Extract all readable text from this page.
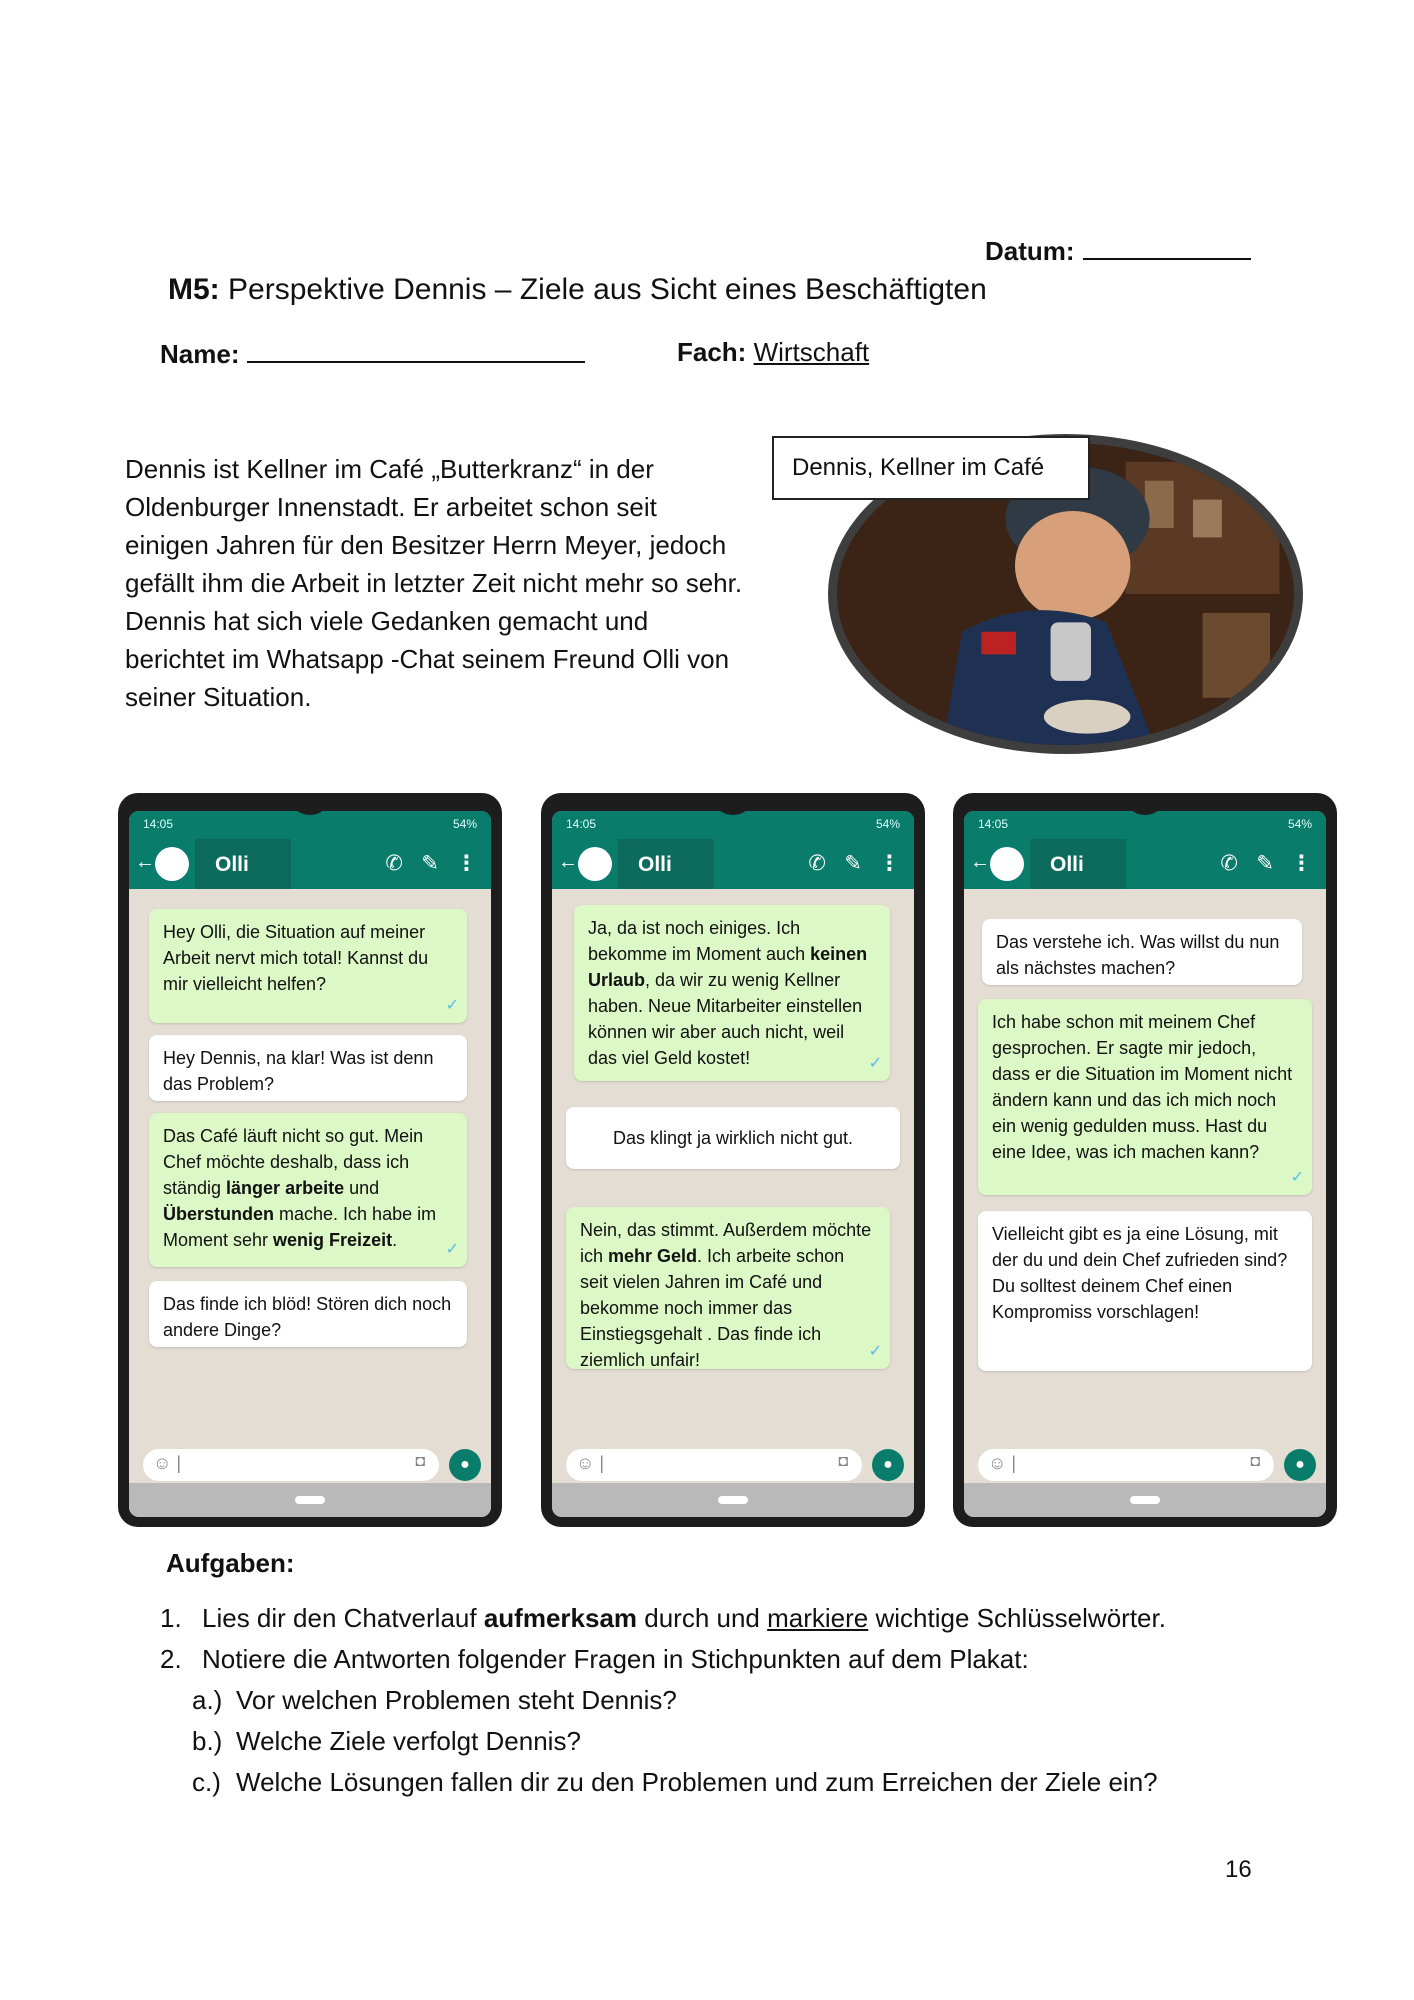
Datum:
M5: Perspektive Dennis – Ziele aus Sicht eines Beschäftigten
Name:	Fach: Wirtschaft
Dennis ist Kellner im Café „Butterkranz“ in der Oldenburger Innenstadt. Er arbeitet schon seit einigen Jahren für den Besitzer Herrn Meyer, jedoch gefällt ihm die Arbeit in letzter Zeit nicht mehr so sehr. Dennis hat sich viele Gedanken gemacht und berichtet im Whatsapp -Chat seinem Freund Olli von seiner Situation.
Dennis, Kellner im Café
14:05	54%
←	Olli	✆ ✎ ⋮
Hey Olli, die Situation auf meiner Arbeit nervt mich total! Kannst du mir vielleicht helfen?
✓
Hey Dennis, na klar! Was ist denn das Problem?
Das Café läuft nicht so gut. Mein Chef möchte deshalb, dass ich ständig länger arbeite und Überstunden mache. Ich habe im Moment sehr wenig Freizeit.	✓
Das finde ich blöd! Stören dich noch andere Dinge?
☺ |	◘	●
14:05	54%
←	Olli	✆ ✎ ⋮
Ja, da ist noch einiges. Ich bekomme im Moment auch keinen Urlaub, da wir zu wenig Kellner haben. Neue Mitarbeiter einstellen können wir aber auch nicht, weil das viel Geld kostet!	✓
Das klingt ja wirklich nicht gut.
Nein, das stimmt. Außerdem möchte ich mehr Geld. Ich arbeite schon seit vielen Jahren im Café und bekomme noch immer das Einstiegsgehalt . Das finde ich ziemlich unfair!	✓
☺ |	◘	●
14:05	54%
←	Olli	✆ ✎ ⋮
Das verstehe ich. Was willst du nun als nächstes machen?
Ich habe schon mit meinem Chef gesprochen. Er sagte mir jedoch, dass er die Situation im Moment nicht ändern kann und das ich mich noch ein wenig gedulden muss. Hast du eine Idee, was ich machen kann?
✓
Vielleicht gibt es ja eine Lösung, mit der du und dein Chef zufrieden sind? Du solltest deinem Chef einen Kompromiss vorschlagen!
☺ |	◘	●
Aufgaben:
1. Lies dir den Chatverlauf aufmerksam durch und markiere wichtige Schlüsselwörter.
2. Notiere die Antworten folgender Fragen in Stichpunkten auf dem Plakat:
a.) Vor welchen Problemen steht Dennis?
b.) Welche Ziele verfolgt Dennis?
c.) Welche Lösungen fallen dir zu den Problemen und zum Erreichen der Ziele ein?
16
